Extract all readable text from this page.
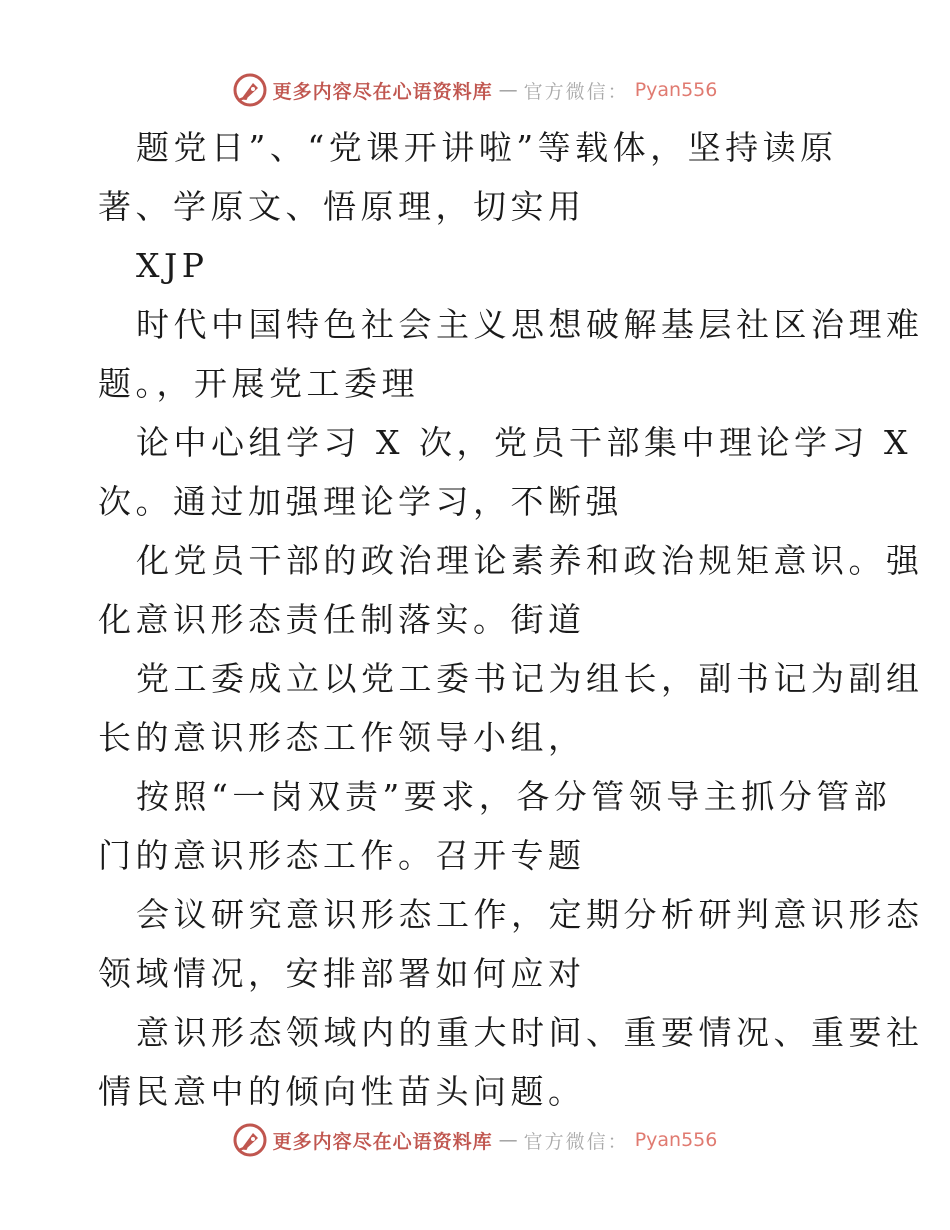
更多内容尽在心语资料库 — 官方微信： Pyan556
题党日”、“党课开讲啦”等载体，坚持读原
著、学原文、悟原理，切实用
XJP
时代中国特色社会主义思想破解基层社区治理难
题。，开展党工委理
论中心组学习 X 次，党员干部集中理论学习 X
次。通过加强理论学习，不断强
化党员干部的政治理论素养和政治规矩意识。强
化意识形态责任制落实。街道
党工委成立以党工委书记为组长，副书记为副组
长的意识形态工作领导小组，
按照“一岗双责”要求，各分管领导主抓分管部
门的意识形态工作。召开专题
会议研究意识形态工作，定期分析研判意识形态
领域情况，安排部署如何应对
意识形态领域内的重大时间、重要情况、重要社
情民意中的倾向性苗头问题。
更多内容尽在心语资料库 — 官方微信： Pyan556
